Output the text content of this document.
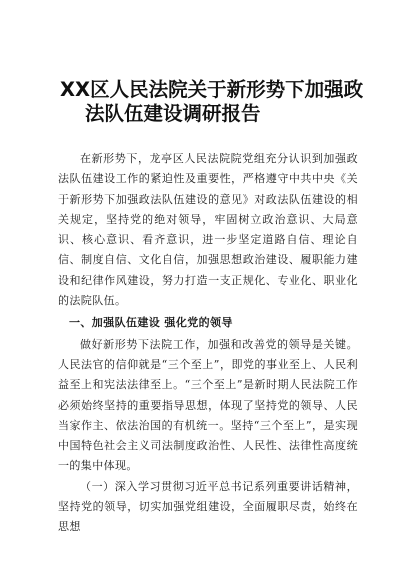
XX区人民法院关于新形势下加强政
法队伍建设调研报告

在新形势下，龙亭区人民法院院党组充分认识到加强政法队伍建设工作的紧迫性及重要性，严格遵守中共中央《关于新形势下加强政法队伍建设的意见》对政法队伍建设的相关规定，坚持党的绝对领导，牢固树立政治意识、大局意识、核心意识、看齐意识，进一步坚定道路自信、理论自信、制度自信、文化自信，加强思想政治建设、履职能力建设和纪律作风建设，努力打造一支正规化、专业化、职业化的法院队伍。

一、加强队伍建设 强化党的领导

做好新形势下法院工作，加强和改善党的领导是关键。人民法官的信仰就是“三个至上”，即党的事业至上、人民利益至上和宪法法律至上。“三个至上”是新时期人民法院工作必须始终坚持的重要指导思想，体现了坚持党的领导、人民当家作主、依法治国的有机统一。坚持“三个至上”，是实现中国特色社会主义司法制度政治性、人民性、法律性高度统一的集中体现。

（一）深入学习贯彻习近平总书记系列重要讲话精神，坚持党的领导，切实加强党组建设，全面履职尽责，始终在思想
